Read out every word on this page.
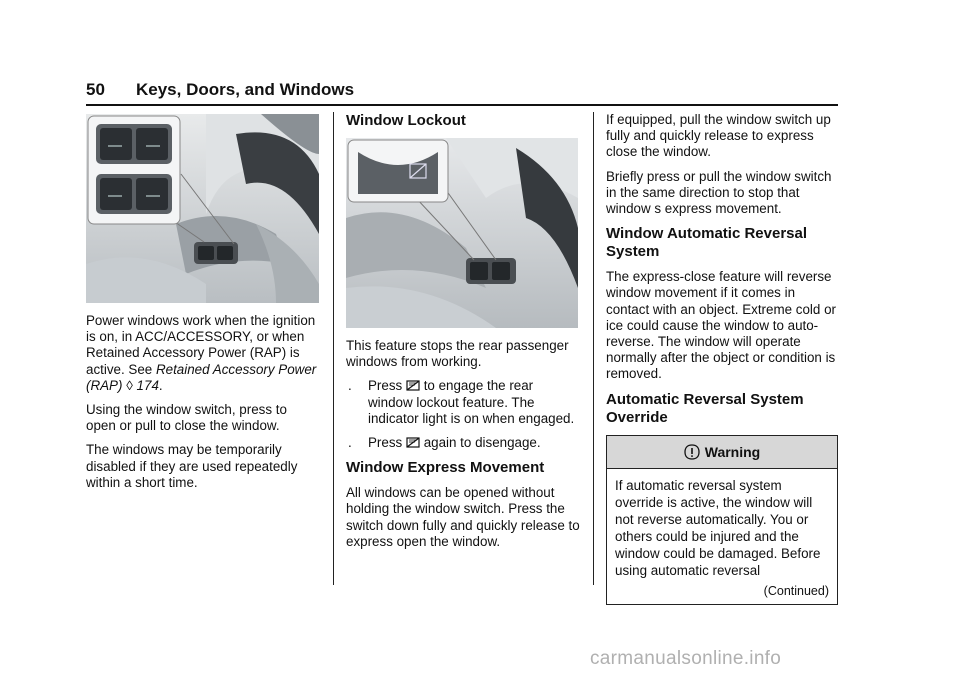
50 Keys, Doors, and Windows

Power windows work when the ignition is on, in ACC/ACCESSORY, or when Retained Accessory Power (RAP) is active. See Retained Accessory Power (RAP) ◊ 174.

Using the window switch, press to open or pull to close the window.

The windows may be temporarily disabled if they are used repeatedly within a short time.

Window Lockout

This feature stops the rear passenger windows from working.

. Press to engage the rear window lockout feature. The indicator light is on when engaged.
. Press again to disengage.
Window Express Movement

All windows can be opened without holding the window switch. Press the switch down fully and quickly release to express open the window.

If equipped, pull the window switch up fully and quickly release to express close the window.

Briefly press or pull the window switch in the same direction to stop that window s express movement.

Window Automatic Reversal System

The express-close feature will reverse window movement if it comes in contact with an object. Extreme cold or ice could cause the window to auto-reverse. The window will operate normally after the object or condition is removed.

Automatic Reversal System Override
Warning
If automatic reversal system override is active, the window will not reverse automatically. You or others could be injured and the window could be damaged. Before using automatic reversal
(Continued)
carmanualsonline.info
